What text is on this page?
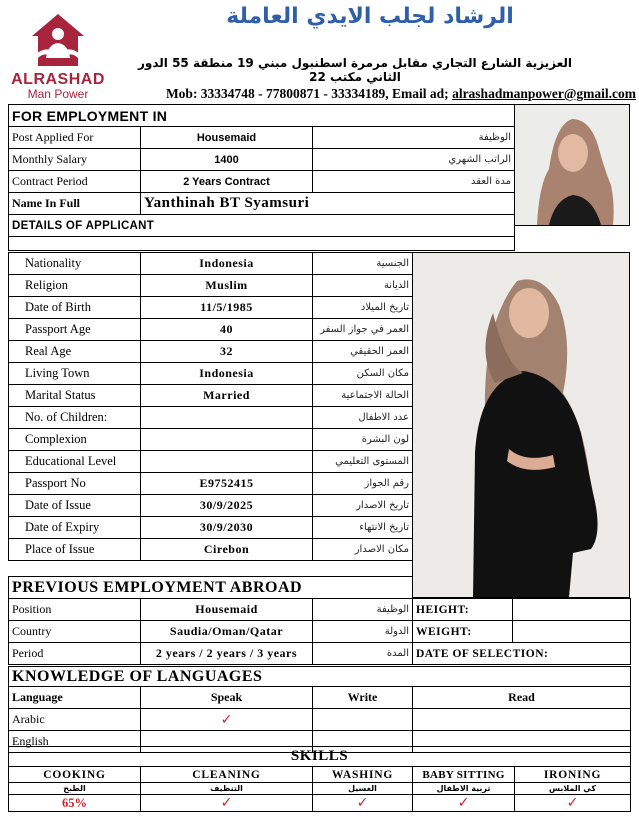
ALRASHAD
Man Power
الرشاد لجلب الايدي العاملة
العزيزية الشارع التجاري مقابل مرمرة اسطنبول مبني 19 منطقة 55 الدور الثاني مكتب 22
Mob: 33334748 - 77800871 - 33334189, Email ad; alrashadmanpower@gmail.com
FOR EMPLOYMENT IN		
Post Applied For	Housemaid	الوظيفة
Monthly Salary	1400	الراتب الشهري
Contract Period	2 Years Contract	مدة العقد
Name In Full	Yanthinah BT Syamsuri	
DETAILS OF APPLICANT		

Nationality	Indonesia	الجنسية
Religion	Muslim	الديانة
Date of Birth	11/5/1985	تاريخ الميلاد
Passport Age	40	العمر في جواز السفر
Real Age	32	العمر الحقيقي
Living Town	Indonesia	مكان السكن
Marital Status	Married	الحالة الاجتماعية
No. of Children:		عدد الاطفال
Complexion		لون البشرة
Educational Level		المستوى التعليمي
Passport No	E9752415	رقم الجواز
Date of Issue	30/9/2025	تاريخ الاصدار
Date of Expiry	30/9/2030	تاريخ الانتهاء
Place of Issue	Cirebon	مكان الاصدار
PREVIOUS EMPLOYMENT ABROAD		
Position	Housemaid	الوظيفة
Country	Saudia/Oman/Qatar	الدولة
Period	2 years / 2 years / 3 years	المدة
HEIGHT:	
WEIGHT:	
DATE OF SELECTION:	
KNOWLEDGE OF LANGUAGES			
Language	Speak	Write	Read
Arabic	✓		
English			
SKILLS				
COOKING	CLEANING	WASHING	BABY SITTING	IRONING
الطبخ	التنظيف	الغسيل	تربية الاطفال	كي الملابس
65%	✓	✓	✓	✓
